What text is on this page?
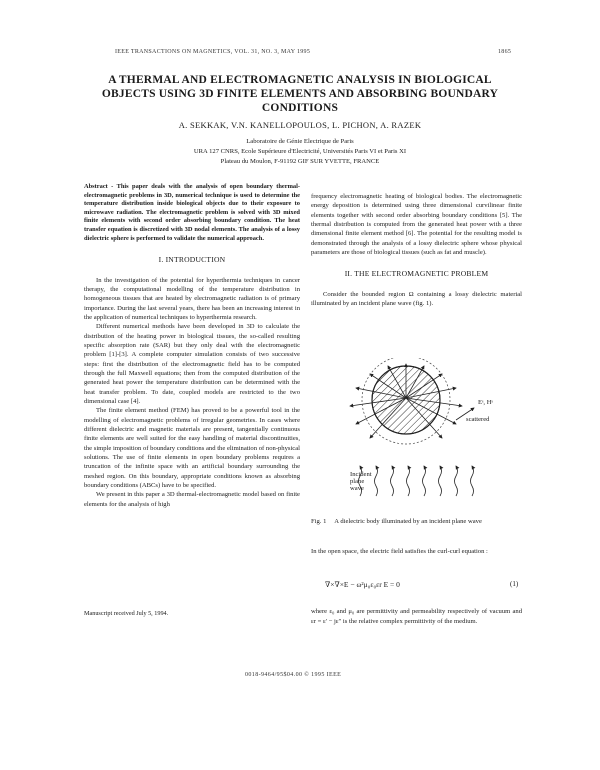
IEEE TRANSACTIONS ON MAGNETICS, VOL. 31, NO. 3, MAY 1995	1865
A THERMAL AND ELECTROMAGNETIC ANALYSIS IN BIOLOGICAL OBJECTS USING 3D FINITE ELEMENTS AND ABSORBING BOUNDARY CONDITIONS
A. SEKKAK, V.N. KANELLOPOULOS, L. PICHON, A. RAZEK
Laboratoire de Génie Electrique de Paris
URA 127 CNRS, Ecole Supérieure d'Electricité, Universités Paris VI et Paris XI
Plateau du Moulon, F-91192 GIF SUR YVETTE, FRANCE

Abstract - This paper deals with the analysis of open boundary thermal-electromagnetic problems in 3D, numerical technique is used to determine the temperature distribution inside biological objects due to their exposure to microwave radiation. The electromagnetic problem is solved with 3D mixed finite elements with second order absorbing boundary condition. The heat transfer equation is discretized with 3D nodal elements. The analysis of a lossy dielectric sphere is performed to validate the numerical approach.

I. INTRODUCTION

In the investigation of the potential for hyperthermia techniques in cancer therapy, the computational modelling of the temperature distribution in homogeneous tissues that are heated by electromagnetic radiation is of primary importance. During the last several years, there has been an increasing interest in the application of numerical techniques to hyperthermia research.

Different numerical methods have been developed in 3D to calculate the distribution of the heating power in biological tissues, the so-called resulting specific absorption rate (SAR) but they only deal with the electromagnetic problem [1]-[3]. A complete computer simulation consists of two successive steps: first the distribution of the electromagnetic field has to be computed through the full Maxwell equations; then from the computed distribution of the generated heat power the temperature distribution can be determined with the heat transfer problem. To date, coupled models are restricted to the two dimensional case [4].

The finite element method (FEM) has proved to be a powerful tool in the modelling of electromagnetic problems of irregular geometries. In cases where different dielectric and magnetic materials are present, tangentially continuous finite elements are well suited for the easy handling of material discontinuities, the simple imposition of boundary conditions and the elimination of non-physical solutions. The use of finite elements in open boundary problems requires a truncation of the infinite space with an artificial boundary surrounding the meshed region. On this boundary, appropriate conditions known as absorbing boundary conditions (ABCs) have to be specified.

We present in this paper a 3D thermal-electromagnetic model based on finite elements for the analysis of high

Manuscript received July 5, 1994.

frequency electromagnetic heating of biological bodies. The electromagnetic energy deposition is determined using three dimensional curvilinear finite elements together with second order absorbing boundary conditions [5]. The thermal distribution is computed from the generated heat power with a three dimensional finite element method [6]. The potential for the resulting model is demonstrated through the analysis of a lossy dielectric sphere whose physical parameters are those of biological tissues (such as fat and muscle).

II. THE ELECTROMAGNETIC PROBLEM

Consider the bounded region Ω containing a lossy dielectric material illuminated by an incident plane wave (fig. 1).

Eˢ, Hˢ
scattered
Incident
plane
wave
Fig. 1 A dielectric body illuminated by an incident plane wave
In the open space, the electric field satisfies the curl-curl equation :
∇×∇×E − ω²μ₀ε₀εr E = 0	(1)
where ε₀ and μ₀ are permittivity and permeability respectively of vacuum and εr = ε' − jε" is the relative complex permittivity of the medium.
0018-9464/95$04.00 © 1995 IEEE
